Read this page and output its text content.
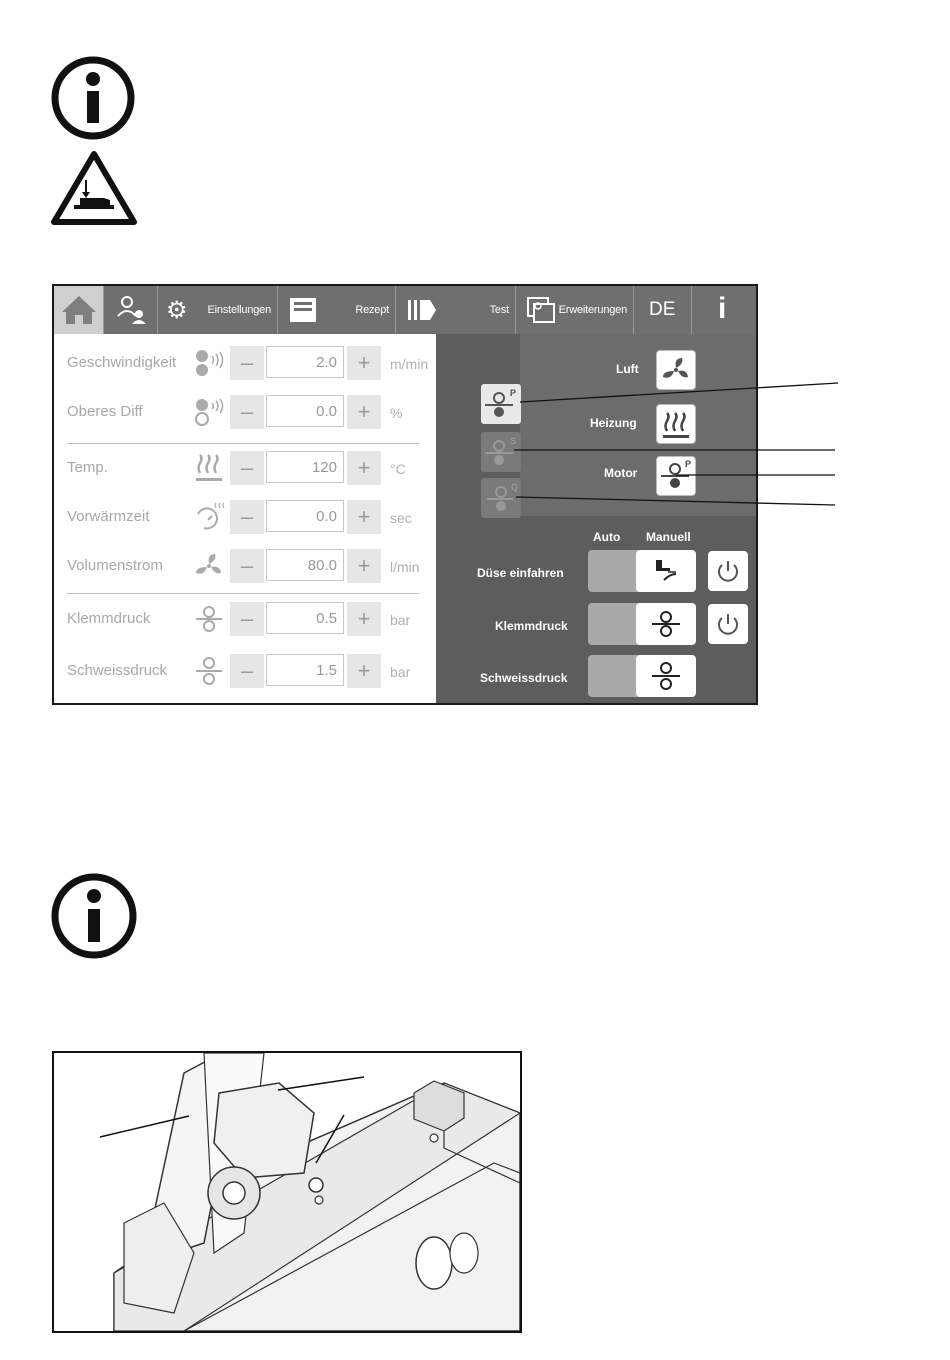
⚙ Einstellungen	Rezept	Test	Erweiterungen DE i
Geschwindigkeit	–	2.0 +	m/min
Oberes Diff	–	0.0 +	%
Temp.	–	120 +	°C
Vorwärmzeit	–	0.0 +	sec
Volumenstrom	–	80.0 +	l/min
Klemmdruck	–	0.5 +	bar
Schweissdruck	–	1.5 +	bar
Luft
Heizung
Motor
P
P
S
Q
Auto Manuell
Düse einfahren
Klemmdruck
Schweissdruck
